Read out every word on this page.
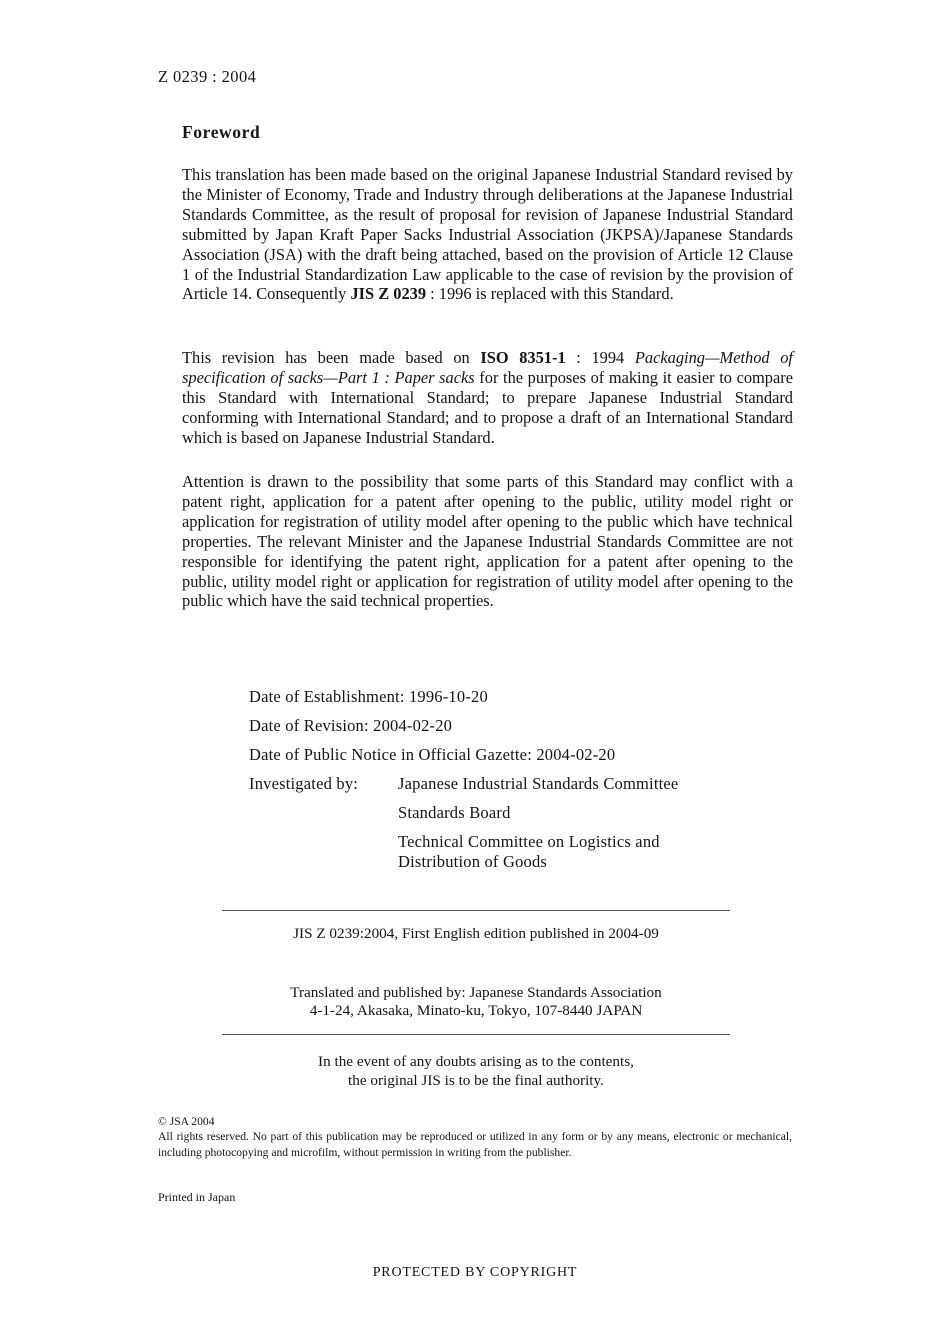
Z 0239 : 2004
Foreword

This translation has been made based on the original Japanese Industrial Standard revised by the Minister of Economy, Trade and Industry through deliberations at the Japanese Industrial Standards Committee, as the result of proposal for revision of Japanese Industrial Standard submitted by Japan Kraft Paper Sacks Industrial Association (JKPSA)/Japanese Standards Association (JSA) with the draft being attached, based on the provision of Article 12 Clause 1 of the Industrial Standardization Law applicable to the case of revision by the provision of Article 14. Consequently JIS Z 0239 : 1996 is replaced with this Standard.

This revision has been made based on ISO 8351-1 : 1994 Packaging—Method of specification of sacks—Part 1 : Paper sacks for the purposes of making it easier to compare this Standard with International Standard; to prepare Japanese Industrial Standard conforming with International Standard; and to propose a draft of an International Standard which is based on Japanese Industrial Standard.

Attention is drawn to the possibility that some parts of this Standard may conflict with a patent right, application for a patent after opening to the public, utility model right or application for registration of utility model after opening to the public which have technical properties. The relevant Minister and the Japanese Industrial Standards Committee are not responsible for identifying the patent right, application for a patent after opening to the public, utility model right or application for registration of utility model after opening to the public which have the said technical properties.

Date of Establishment: 1996-10-20
Date of Revision: 2004-02-20
Date of Public Notice in Official Gazette: 2004-02-20
Investigated by: Japanese Industrial Standards Committee
Standards Board
Technical Committee on Logistics and
Distribution of Goods
JIS Z 0239:2004, First English edition published in 2004-09
Translated and published by: Japanese Standards Association
4-1-24, Akasaka, Minato-ku, Tokyo, 107-8440 JAPAN
In the event of any doubts arising as to the contents,
the original JIS is to be the final authority.

© JSA 2004

All rights reserved. No part of this publication may be reproduced or utilized in any form or by any means, electronic or mechanical, including photocopying and microfilm, without permission in writing from the publisher.

Printed in Japan
PROTECTED BY COPYRIGHT
